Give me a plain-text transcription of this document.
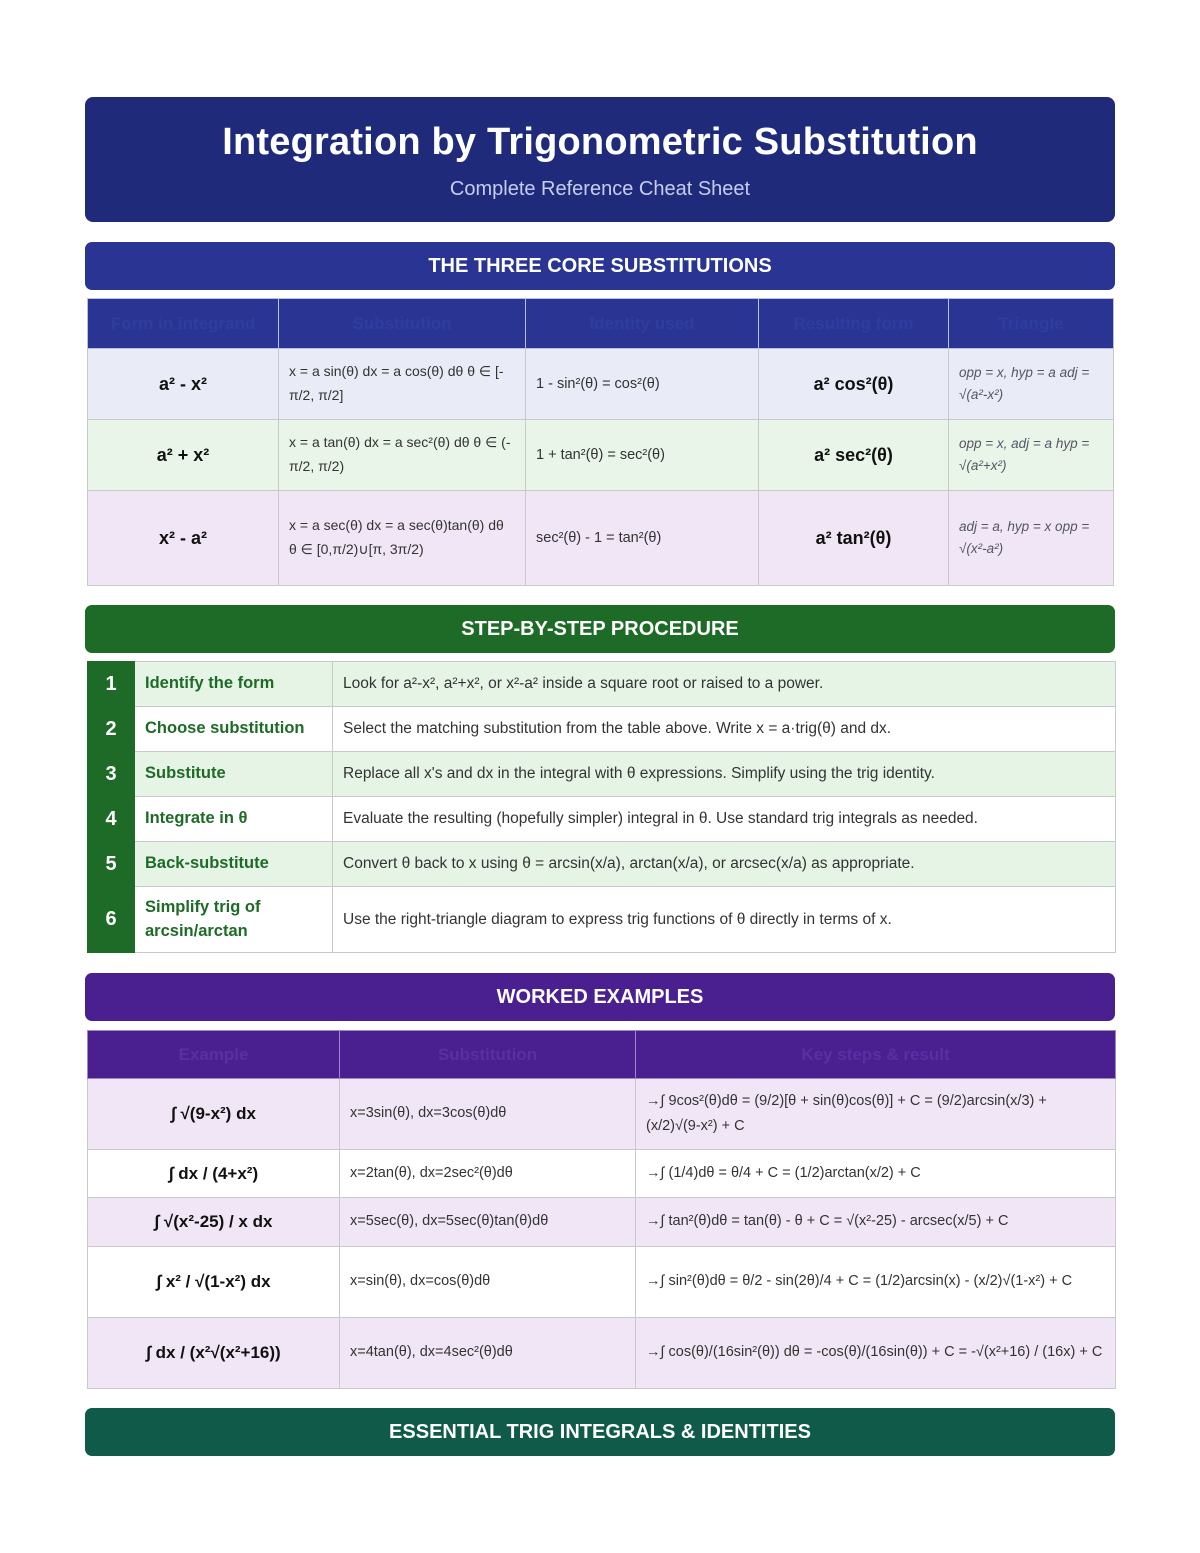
Integration by Trigonometric Substitution
Complete Reference Cheat Sheet
THE THREE CORE SUBSTITUTIONS
Form in integrand	Substitution	Identity used	Resulting form	Triangle
a² - x²	x = a sin(θ) dx = a cos(θ) dθ θ ∈ [-π/2, π/2]	1 - sin²(θ) = cos²(θ)	a² cos²(θ)	opp = x, hyp = a adj = √(a²-x²)
a² + x²	x = a tan(θ) dx = a sec²(θ) dθ θ ∈ (-π/2, π/2)	1 + tan²(θ) = sec²(θ)	a² sec²(θ)	opp = x, adj = a hyp = √(a²+x²)
x² - a²	x = a sec(θ) dx = a sec(θ)tan(θ) dθ θ ∈ [0,π/2)∪[π, 3π/2)	sec²(θ) - 1 = tan²(θ)	a² tan²(θ)	adj = a, hyp = x opp = √(x²-a²)
STEP-BY-STEP PROCEDURE
1	Identify the form	Look for a²-x², a²+x², or x²-a² inside a square root or raised to a power.
2	Choose substitution	Select the matching substitution from the table above. Write x = a·trig(θ) and dx.
3	Substitute	Replace all x's and dx in the integral with θ expressions. Simplify using the trig identity.
4	Integrate in θ	Evaluate the resulting (hopefully simpler) integral in θ. Use standard trig integrals as needed.
5	Back-substitute	Convert θ back to x using θ = arcsin(x/a), arctan(x/a), or arcsec(x/a) as appropriate.
6	Simplify trig of arcsin/arctan	Use the right-triangle diagram to express trig functions of θ directly in terms of x.
WORKED EXAMPLES
Example	Substitution	Key steps & result
∫ √(9-x²) dx	x=3sin(θ), dx=3cos(θ)dθ	→∫ 9cos²(θ)dθ = (9/2)[θ + sin(θ)cos(θ)] + C = (9/2)arcsin(x/3) + (x/2)√(9-x²) + C
∫ dx / (4+x²)	x=2tan(θ), dx=2sec²(θ)dθ	→∫ (1/4)dθ = θ/4 + C = (1/2)arctan(x/2) + C
∫ √(x²-25) / x dx	x=5sec(θ), dx=5sec(θ)tan(θ)dθ	→∫ tan²(θ)dθ = tan(θ) - θ + C = √(x²-25) - arcsec(x/5) + C
∫ x² / √(1-x²) dx	x=sin(θ), dx=cos(θ)dθ	→∫ sin²(θ)dθ = θ/2 - sin(2θ)/4 + C = (1/2)arcsin(x) - (x/2)√(1-x²) + C
∫ dx / (x²√(x²+16))	x=4tan(θ), dx=4sec²(θ)dθ	→∫ cos(θ)/(16sin²(θ)) dθ = -cos(θ)/(16sin(θ)) + C = -√(x²+16) / (16x) + C
ESSENTIAL TRIG INTEGRALS & IDENTITIES
